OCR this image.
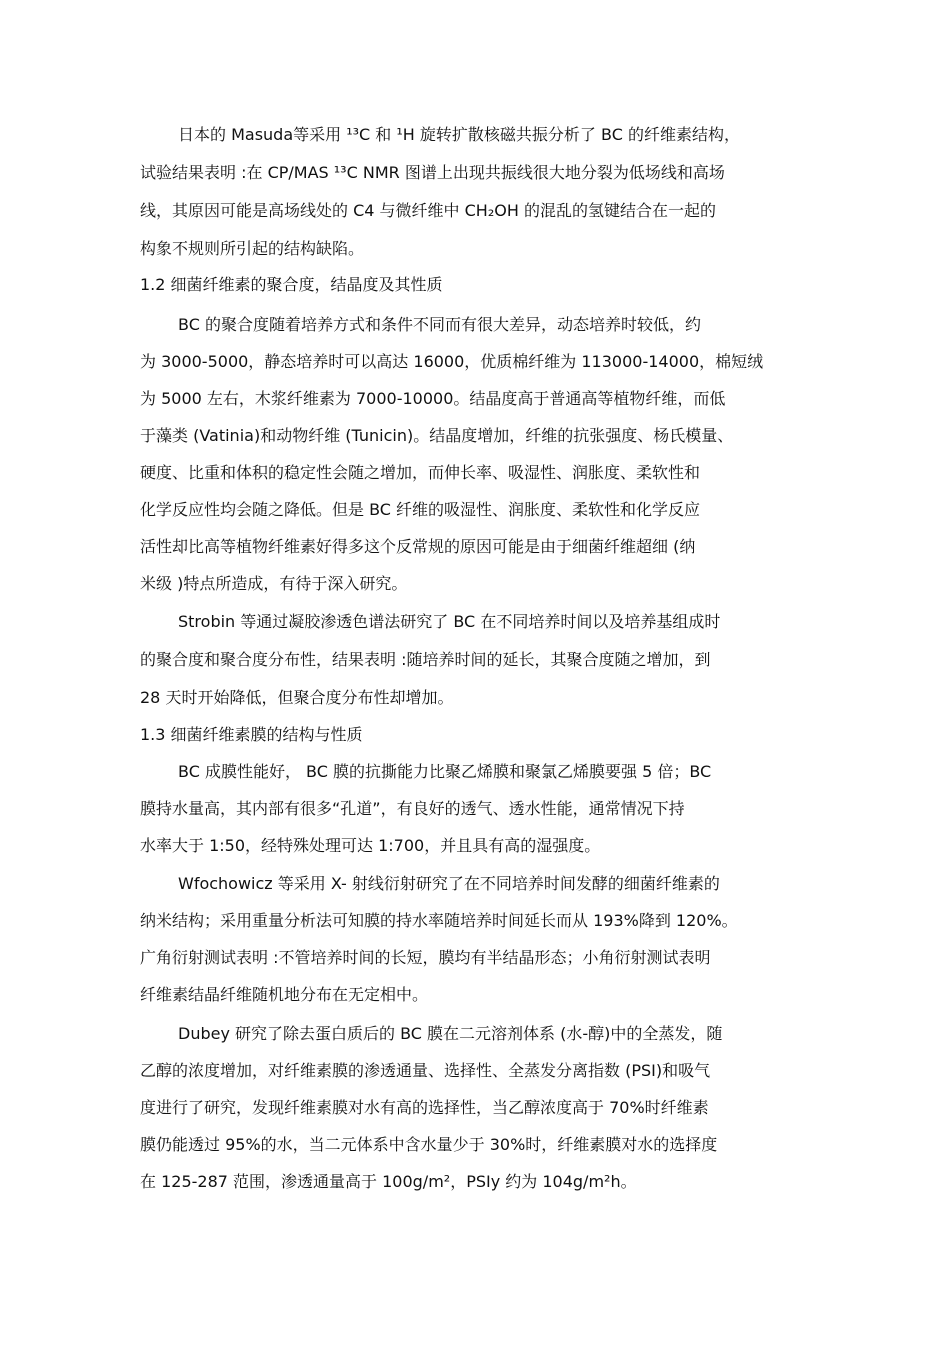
日本的 Masuda等采用 ¹³C 和 ¹H 旋转扩散核磁共振分析了 BC 的纤维素结构，
试验结果表明 :在 CP/MAS ¹³C NMR 图谱上出现共振线很大地分裂为低场线和高场
线，其原因可能是高场线处的 C4 与微纤维中 CH₂OH 的混乱的氢键结合在一起的
构象不规则所引起的结构缺陷。
1.2 细菌纤维素的聚合度，结晶度及其性质
BC 的聚合度随着培养方式和条件不同而有很大差异，动态培养时较低，约
为 3000-5000，静态培养时可以高达 16000，优质棉纤维为 113000-14000，棉短绒
为 5000 左右，木浆纤维素为 7000-10000。结晶度高于普通高等植物纤维，而低
于藻类 (Vatinia)和动物纤维 (Tunicin)。结晶度增加，纤维的抗张强度、杨氏模量、
硬度、比重和体积的稳定性会随之增加，而伸长率、吸湿性、润胀度、柔软性和
化学反应性均会随之降低。但是 BC 纤维的吸湿性、润胀度、柔软性和化学反应
活性却比高等植物纤维素好得多这个反常规的原因可能是由于细菌纤维超细 (纳
米级 )特点所造成，有待于深入研究。
Strobin 等通过凝胶渗透色谱法研究了 BC 在不同培养时间以及培养基组成时
的聚合度和聚合度分布性，结果表明 :随培养时间的延长，其聚合度随之增加，到
28 天时开始降低，但聚合度分布性却增加。
1.3 细菌纤维素膜的结构与性质
BC 成膜性能好， BC 膜的抗撕能力比聚乙烯膜和聚氯乙烯膜要强 5 倍；BC
膜持水量高，其内部有很多“孔道”，有良好的透气、透水性能，通常情况下持
水率大于 1:50，经特殊处理可达 1:700，并且具有高的湿强度。
Wfochowicz 等采用 X- 射线衍射研究了在不同培养时间发酵的细菌纤维素的
纳米结构；采用重量分析法可知膜的持水率随培养时间延长而从 193%降到 120%。
广角衍射测试表明 :不管培养时间的长短，膜均有半结晶形态；小角衍射测试表明
纤维素结晶纤维随机地分布在无定相中。
Dubey 研究了除去蛋白质后的 BC 膜在二元溶剂体系 (水-醇)中的全蒸发，随
乙醇的浓度增加，对纤维素膜的渗透通量、选择性、全蒸发分离指数 (PSI)和吸气
度进行了研究，发现纤维素膜对水有高的选择性，当乙醇浓度高于 70%时纤维素
膜仍能透过 95%的水，当二元体系中含水量少于 30%时，纤维素膜对水的选择度
在 125-287 范围，渗透通量高于 100g/m²，PSIy 约为 104g/m²h。
